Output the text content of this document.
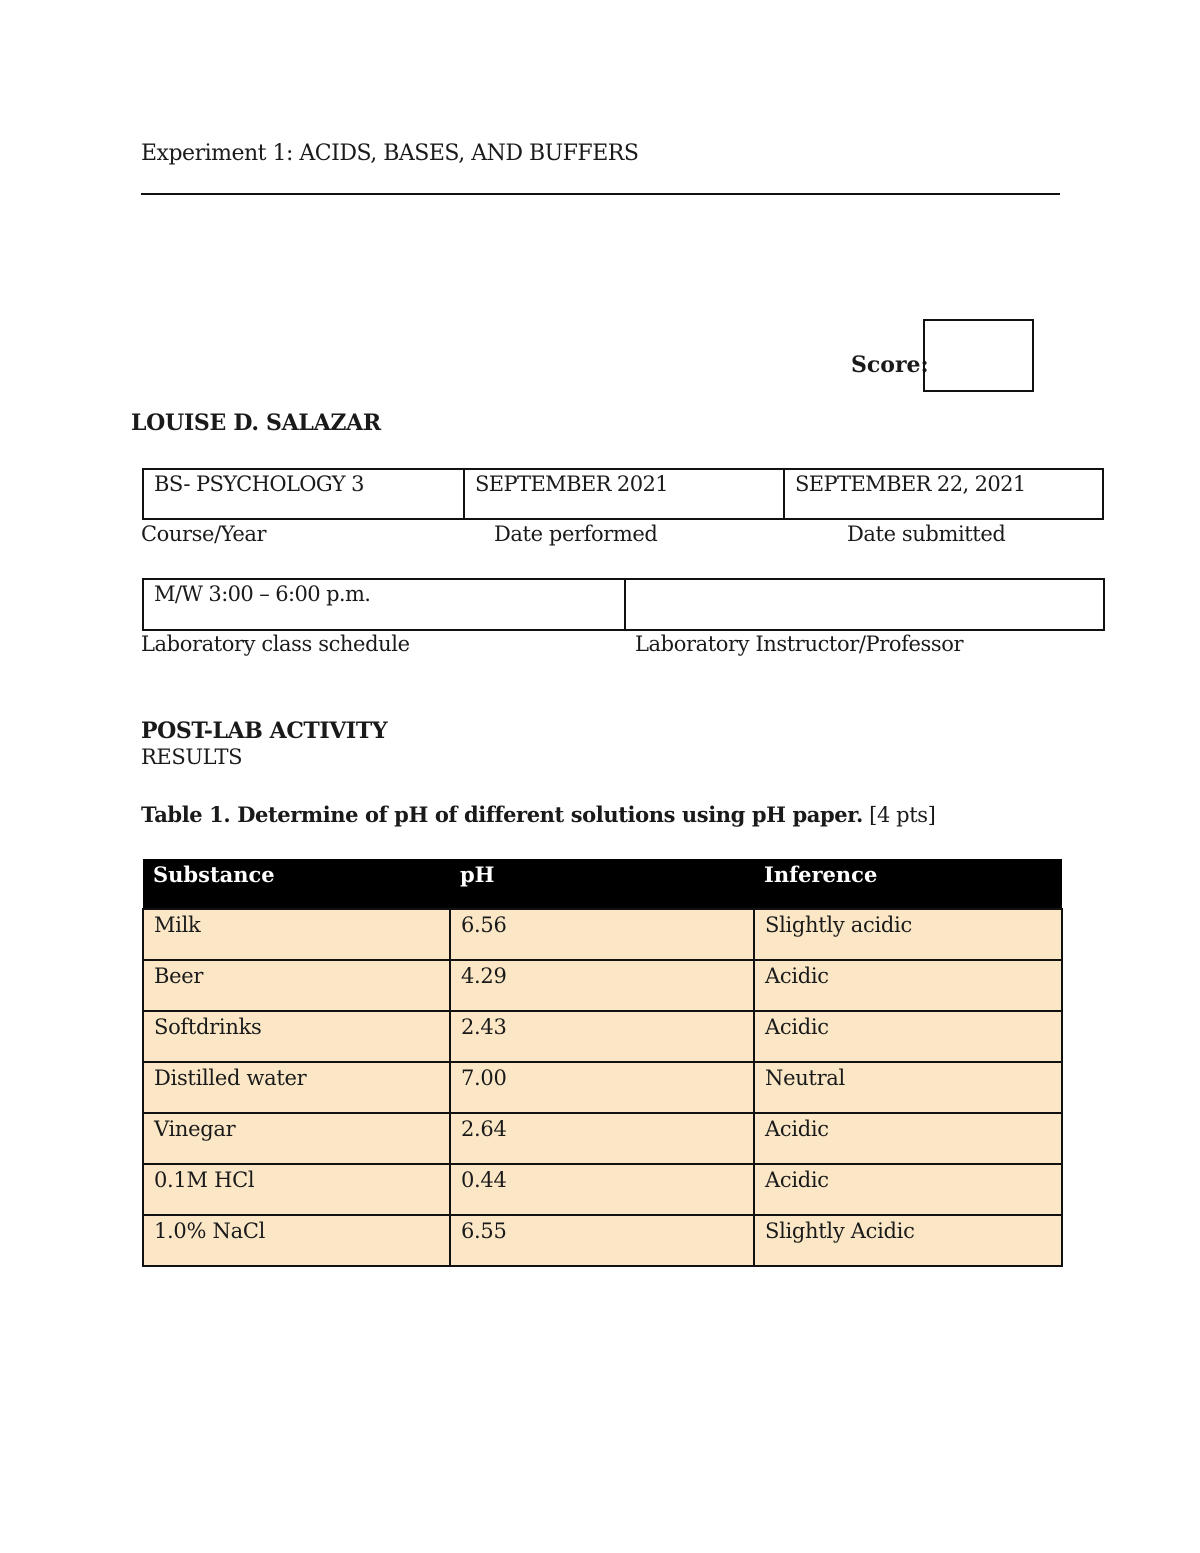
Experiment 1: ACIDS, BASES, AND BUFFERS
Score:
LOUISE D. SALAZAR
BS- PSYCHOLOGY 3	SEPTEMBER 2021	SEPTEMBER 22, 2021
Course/Year	Date performed	Date submitted
M/W 3:00 – 6:00 p.m.
Laboratory class schedule	Laboratory Instructor/Professor
POST-LAB ACTIVITY
RESULTS
Table 1. Determine of pH of different solutions using pH paper. [4 pts]
Substance	pH	Inference
Milk	6.56	Slightly acidic
Beer	4.29	Acidic
Softdrinks	2.43	Acidic
Distilled water	7.00	Neutral
Vinegar	2.64	Acidic
0.1M HCl	0.44	Acidic
1.0% NaCl	6.55	Slightly Acidic
